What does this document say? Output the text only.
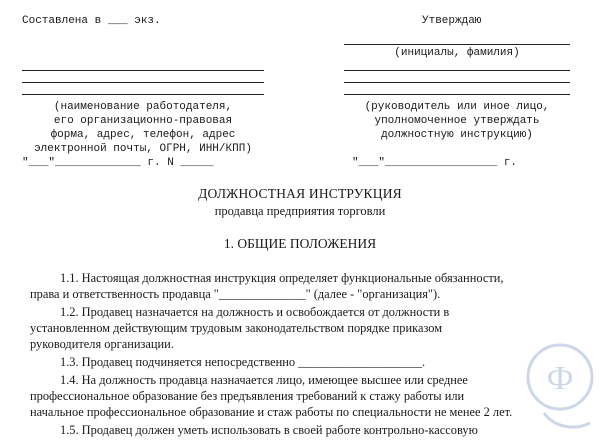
Составлена в ___ экз.
(наименование работодателя,
его организационно-правовая
форма, адрес, телефон, адрес
электронной почты, ОГРН, ИНН/КПП)
"___"_____________ г. N _____
Утверждаю
(инициалы, фамилия)
(руководитель или иное лицо,
уполномоченное утверждать
должностную инструкцию)
"___"_________________ г.
ДОЛЖНОСТНАЯ ИНСТРУКЦИЯ
продавца предприятия торговли
1. ОБЩИЕ ПОЛОЖЕНИЯ
1.1. Настоящая должностная инструкция определяет функциональные обязанности,
права и ответственность продавца "______________" (далее - "организация").
1.2. Продавец назначается на должность и освобождается от должности в
установленном действующим трудовым законодательством порядке приказом
руководителя организации.
1.3. Продавец подчиняется непосредственно ____________________.
1.4. На должность продавца назначается лицо, имеющее высшее или среднее
профессиональное образование без предъявления требований к стажу работы или
начальное профессиональное образование и стаж работы по специальности не менее 2 лет.
1.5. Продавец должен уметь использовать в своей работе контрольно-кассовую
Ф
